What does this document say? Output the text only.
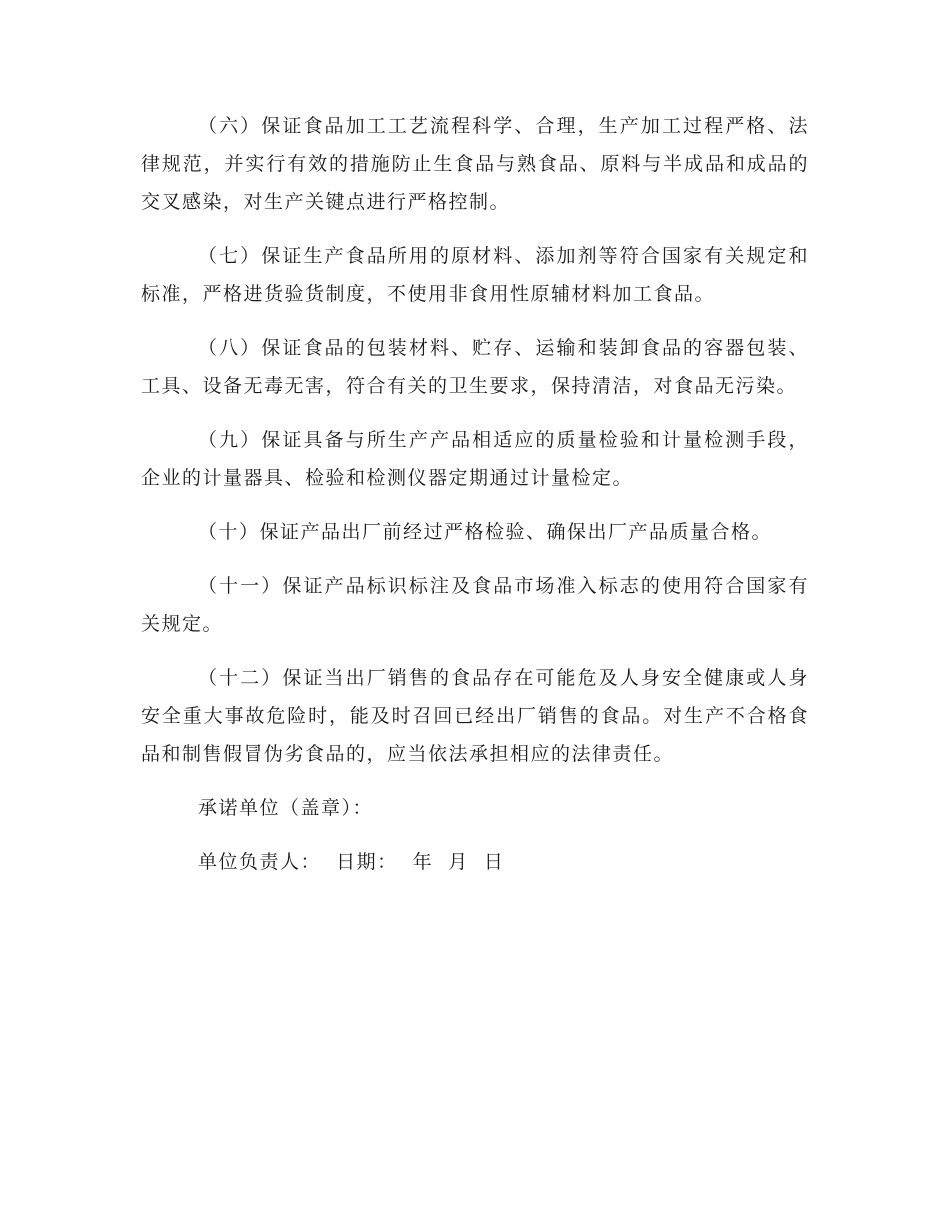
（六）保证食品加工工艺流程科学、合理，生产加工过程严格、法律规范，并实行有效的措施防止生食品与熟食品、原料与半成品和成品的交叉感染，对生产关键点进行严格控制。

（七）保证生产食品所用的原材料、添加剂等符合国家有关规定和标准，严格进货验货制度，不使用非食用性原辅材料加工食品。

（八）保证食品的包装材料、贮存、运输和装卸食品的容器包装、工具、设备无毒无害，符合有关的卫生要求，保持清洁，对食品无污染。

（九）保证具备与所生产产品相适应的质量检验和计量检测手段，企业的计量器具、检验和检测仪器定期通过计量检定。

（十）保证产品出厂前经过严格检验、确保出厂产品质量合格。

（十一）保证产品标识标注及食品市场准入标志的使用符合国家有关规定。

（十二）保证当出厂销售的食品存在可能危及人身安全健康或人身安全重大事故危险时，能及时召回已经出厂销售的食品。对生产不合格食品和制售假冒伪劣食品的，应当依法承担相应的法律责任。

承诺单位（盖章）：

单位负责人：  日期：  年  月  日
